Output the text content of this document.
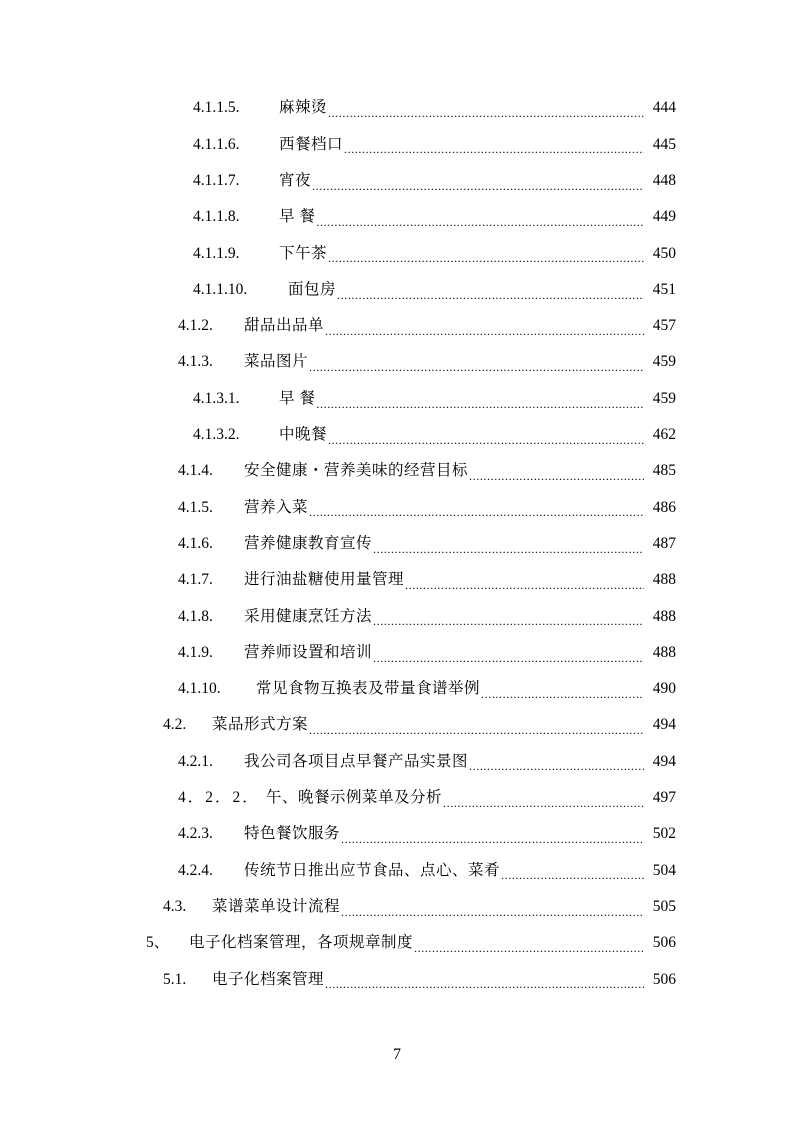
4.1.1.5.	麻辣烫 .....	444
4.1.1.6.	西餐档口 .....	445
4.1.1.7.	宵夜 .....	448
4.1.1.8.	早 餐 .....	449
4.1.1.9.	下午茶 .....	450
4.1.1.10.	面包房 .....	451
4.1.2.	甜品出品单 .....	457
4.1.3.	菜品图片 .....	459
4.1.3.1.	早 餐 .....	459
4.1.3.2.	中晚餐 .....	462
4.1.4.	安全健康・营养美味的经营目标 .....	485
4.1.5.	营养入菜 .....	486
4.1.6.	营养健康教育宣传 .....	487
4.1.7.	进行油盐糖使用量管理 .....	488
4.1.8.	采用健康烹饪方法 .....	488
4.1.9.	营养师设置和培训 .....	488
4.1.10.	常见食物互换表及带量食谱举例 .....	490
4.2.	菜品形式方案 .....	494
4.2.1.	我公司各项目点早餐产品实景图 .....	494
4．2．2． 午、晚餐示例菜单及分析 .....	497
4.2.3.	特色餐饮服务 .....	502
4.2.4.	传统节日推出应节食品、点心、菜肴 .....	504
4.3.	菜谱菜单设计流程 .....	505
5、	电子化档案管理，各项规章制度 .....	506
5.1.	电子化档案管理 .....	506
7
